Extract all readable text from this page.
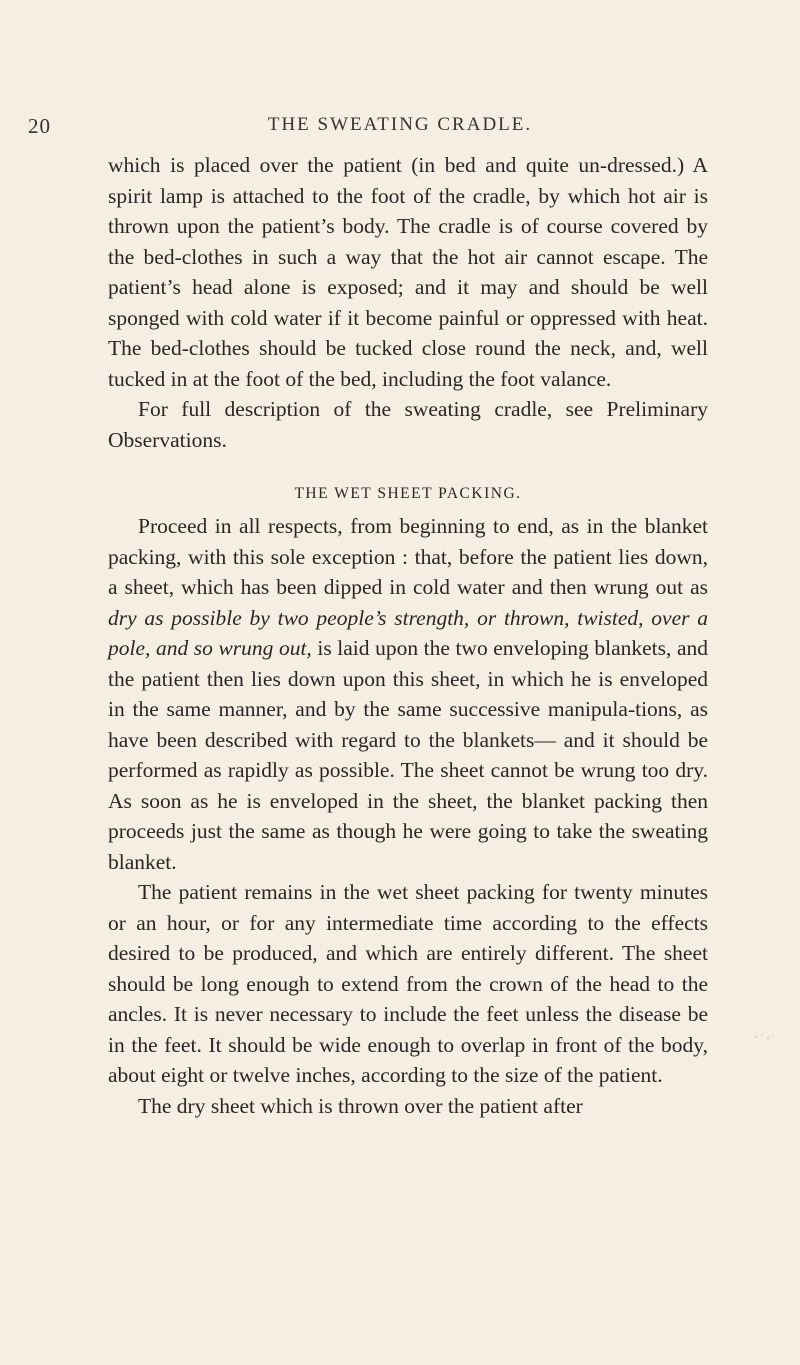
20	THE SWEATING CRADLE.

which is placed over the patient (in bed and quite un-dressed.) A spirit lamp is attached to the foot of the cradle, by which hot air is thrown upon the patient’s body. The cradle is of course covered by the bed-clothes in such a way that the hot air cannot escape. The patient’s head alone is exposed; and it may and should be well sponged with cold water if it become painful or oppressed with heat. The bed-clothes should be tucked close round the neck, and, well tucked in at the foot of the bed, including the foot valance.

For full description of the sweating cradle, see Preliminary Observations.

THE WET SHEET PACKING.

Proceed in all respects, from beginning to end, as in the blanket packing, with this sole exception : that, before the patient lies down, a sheet, which has been dipped in cold water and then wrung out as dry as possible by two people’s strength, or thrown, twisted, over a pole, and so wrung out, is laid upon the two enveloping blankets, and the patient then lies down upon this sheet, in which he is enveloped in the same manner, and by the same successive manipula-tions, as have been described with regard to the blankets— and it should be performed as rapidly as possible. The sheet cannot be wrung too dry. As soon as he is enveloped in the sheet, the blanket packing then proceeds just the same as though he were going to take the sweating blanket.

The patient remains in the wet sheet packing for twenty minutes or an hour, or for any intermediate time according to the effects desired to be produced, and which are entirely different. The sheet should be long enough to extend from the crown of the head to the ancles. It is never necessary to include the feet unless the disease be in the feet. It should be wide enough to overlap in front of the body, about eight or twelve inches, according to the size of the patient.

The dry sheet which is thrown over the patient after
